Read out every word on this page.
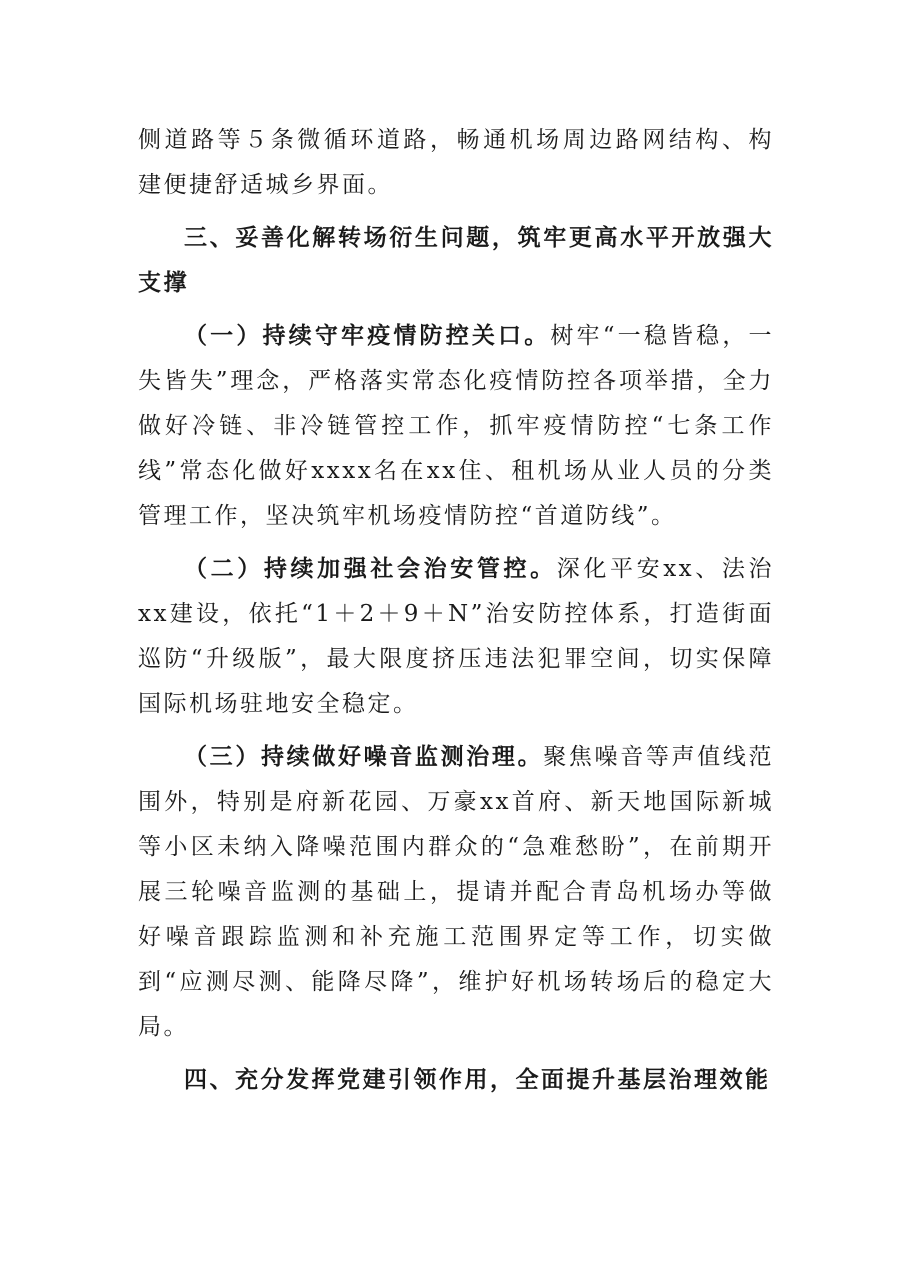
侧道路等５条微循环道路，畅通机场周边路网结构、构建便捷舒适城乡界面。

三、妥善化解转场衍生问题，筑牢更高水平开放强大支撑

（一）持续守牢疫情防控关口。树牢“一稳皆稳，一失皆失”理念，严格落实常态化疫情防控各项举措，全力做好冷链、非冷链管控工作，抓牢疫情防控“七条工作线”常态化做好xxxx名在xx住、租机场从业人员的分类管理工作，坚决筑牢机场疫情防控“首道防线”。

（二）持续加强社会治安管控。深化平安xx、法治xx建设，依托“1＋2＋9＋N”治安防控体系，打造街面巡防“升级版”，最大限度挤压违法犯罪空间，切实保障国际机场驻地安全稳定。

（三）持续做好噪音监测治理。聚焦噪音等声值线范围外，特别是府新花园、万豪xx首府、新天地国际新城等小区未纳入降噪范围内群众的“急难愁盼”，在前期开展三轮噪音监测的基础上，提请并配合青岛机场办等做好噪音跟踪监测和补充施工范围界定等工作，切实做到“应测尽测、能降尽降”，维护好机场转场后的稳定大局。

四、充分发挥党建引领作用，全面提升基层治理效能
